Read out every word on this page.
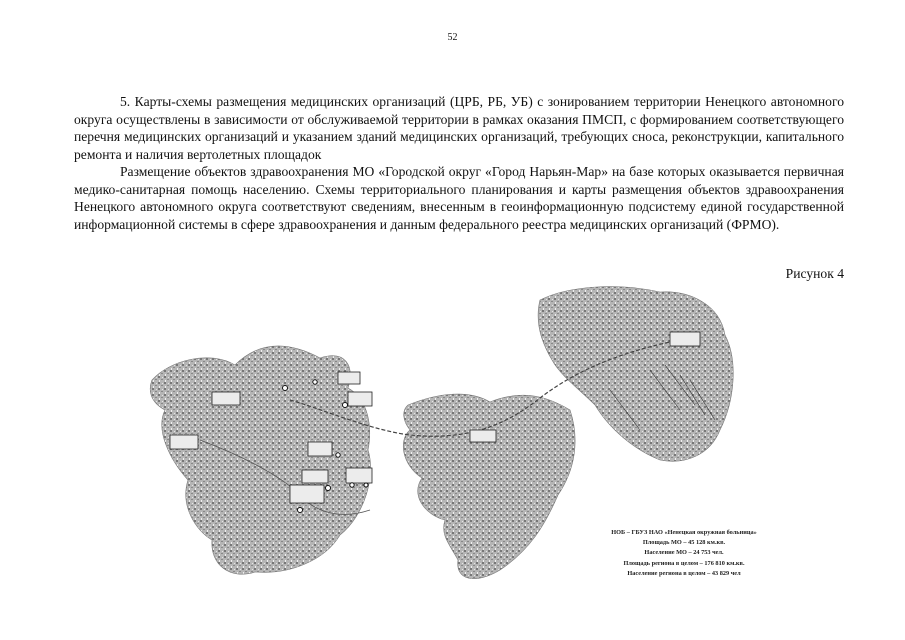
52
5. Карты-схемы размещения медицинских организаций (ЦРБ, РБ, УБ) с зонированием территории Ненецкого автономного округа осуществлены в зависимости от обслуживаемой территории в рамках оказания ПМСП, с формированием соответствующего перечня медицинских организаций и указанием зданий медицинских организаций, требующих сноса, реконструкции, капитального ремонта и наличия вертолетных площадок
Размещение объектов здравоохранения МО «Городской округ «Город Нарьян-Мар» на базе которых оказывается первичная медико-санитарная помощь населению. Схемы территориального планирования и карты размещения объектов здравоохранения Ненецкого автономного округа соответствуют сведениям, внесенным в геоинформационную подсистему единой государственной информационной системы в сфере здравоохранения и данным федерального реестра медицинских организаций (ФРМО).
Рисунок 4
НОБ – ГБУЗ НАО «Ненецкая окружная больница»
Площадь МО – 45 128 км.кв.
Население МО – 24 753 чел.
Площадь региона в целом – 176 810 км.кв.
Население региона в целом – 43 829 чел
